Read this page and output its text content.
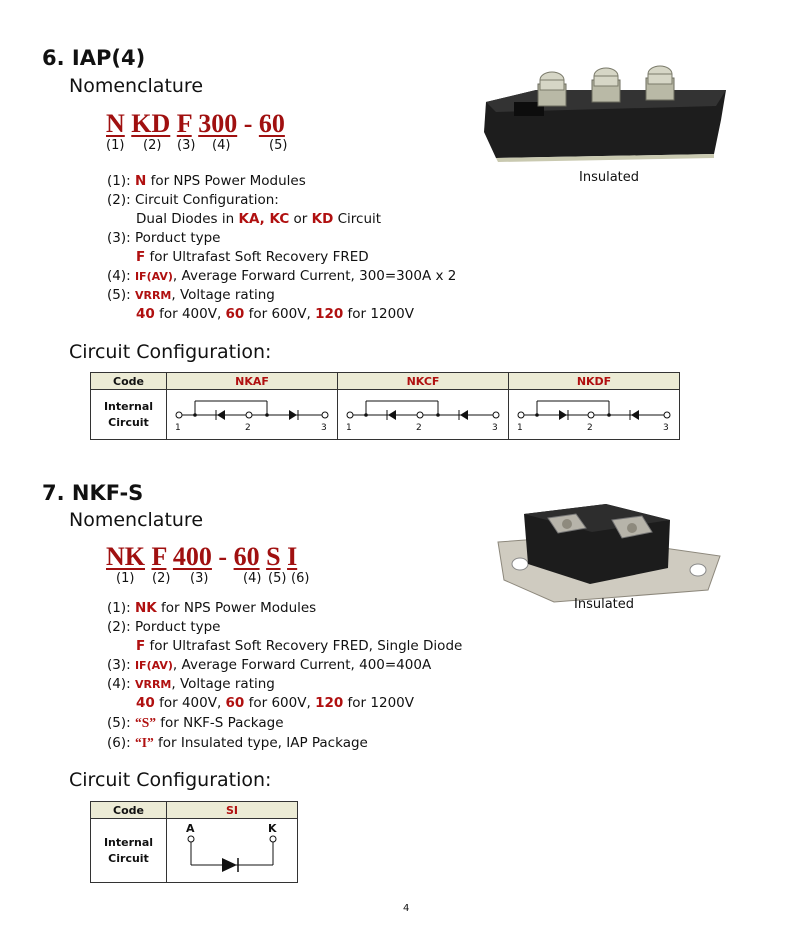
6. IAP(4)
Nomenclature
N KD F 300 - 60
(1) (2) (3) (4)	(5)
(1): N for NPS Power Modules
(2): Circuit Configuration:
Dual Diodes in KA, KC or KD Circuit
(3): Porduct type
F for Ultrafast Soft Recovery FRED
(4): IF(AV), Average Forward Current, 300=300A x 2
(5): VRRM, Voltage rating
40 for 400V, 60 for 600V, 120 for 1200V
Insulated
Circuit Configuration:
Code	NKAF	NKCF	NKDF
Internal
Circuit	1 2 3	1 2 3	1 2 3
7. NKF-S
Nomenclature
NK F 400 - 60 S I
(1) (2) (3)	(4) (5) (6)
(1): NK for NPS Power Modules
(2): Porduct type
F for Ultrafast Soft Recovery FRED, Single Diode
(3): IF(AV), Average Forward Current, 400=400A
(4): VRRM, Voltage rating
40 for 400V, 60 for 600V, 120 for 1200V
(5): “S” for NKF-S Package
(6): “I” for Insulated type, IAP Package
Insulated
Circuit Configuration:
Code	SI
Internal
Circuit	A K
4
